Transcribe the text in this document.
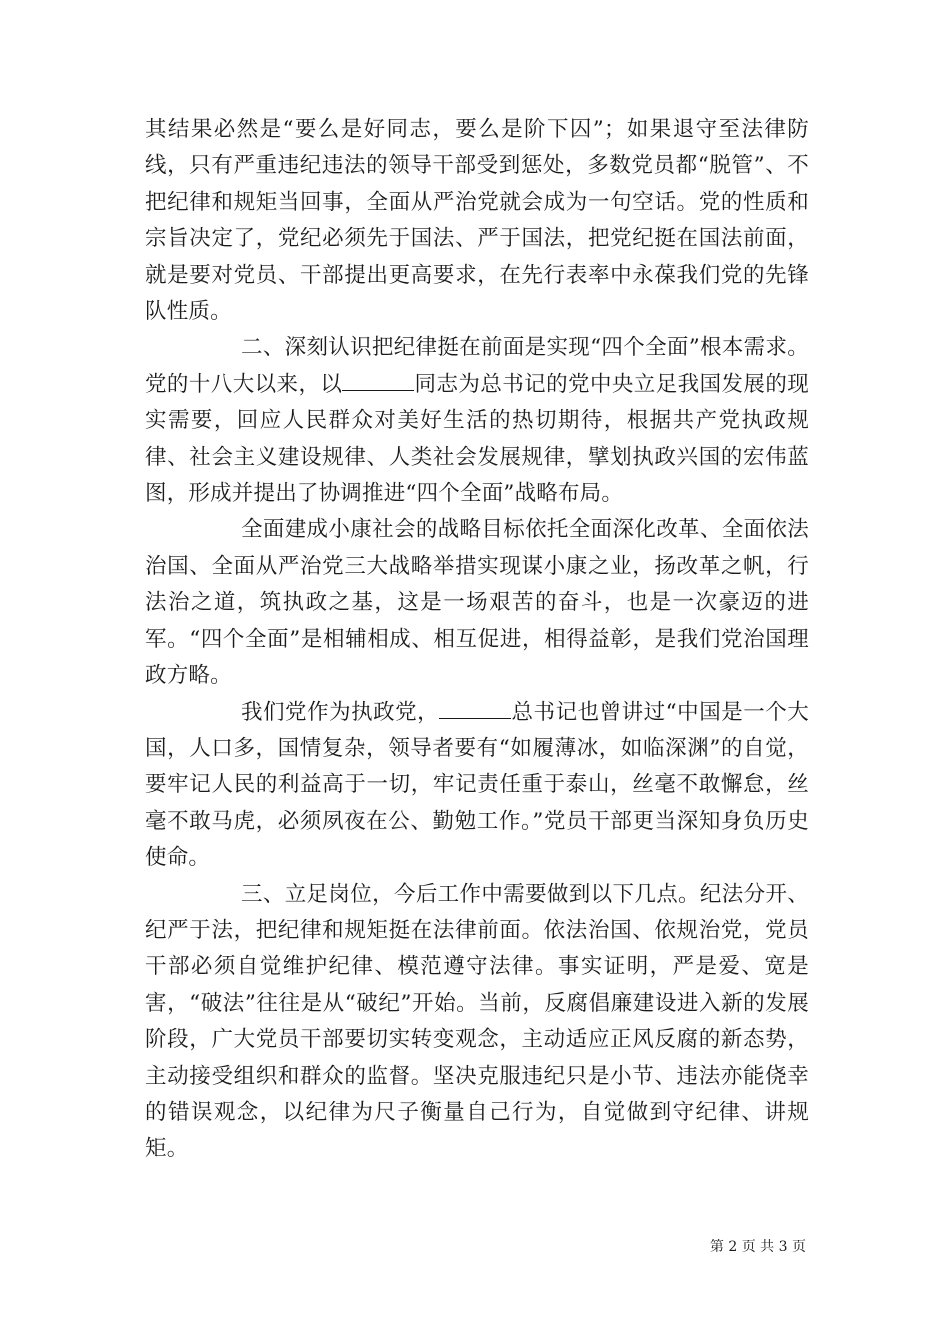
其结果必然是“要么是好同志，要么是阶下囚”；如果退守至法律防线，只有严重违纪违法的领导干部受到惩处，多数党员都“脱管”、不把纪律和规矩当回事，全面从严治党就会成为一句空话。党的性质和宗旨决定了，党纪必须先于国法、严于国法，把党纪挺在国法前面，就是要对党员、干部提出更高要求，在先行表率中永葆我们党的先锋队性质。

二、深刻认识把纪律挺在前面是实现“四个全面”根本需求。党的十八大以来，以	同志为总书记的党中央立足我国发展的现实需要，回应人民群众对美好生活的热切期待，根据共产党执政规律、社会主义建设规律、人类社会发展规律，擘划执政兴国的宏伟蓝图，形成并提出了协调推进“四个全面”战略布局。

全面建成小康社会的战略目标依托全面深化改革、全面依法治国、全面从严治党三大战略举措实现谋小康之业，扬改革之帆，行法治之道，筑执政之基，这是一场艰苦的奋斗，也是一次豪迈的进军。“四个全面”是相辅相成、相互促进，相得益彰，是我们党治国理政方略。

我们党作为执政党，	总书记也曾讲过“中国是一个大国，人口多，国情复杂，领导者要有“如履薄冰，如临深渊”的自觉，要牢记人民的利益高于一切，牢记责任重于泰山，丝毫不敢懈怠，丝毫不敢马虎，必须夙夜在公、勤勉工作。”党员干部更当深知身负历史使命。

三、立足岗位，今后工作中需要做到以下几点。纪法分开、纪严于法，把纪律和规矩挺在法律前面。依法治国、依规治党，党员干部必须自觉维护纪律、模范遵守法律。事实证明，严是爱、宽是害，“破法”往往是从“破纪”开始。当前，反腐倡廉建设进入新的发展阶段，广大党员干部要切实转变观念，主动适应正风反腐的新态势，主动接受组织和群众的监督。坚决克服违纪只是小节、违法亦能侥幸的错误观念，以纪律为尺子衡量自己行为，自觉做到守纪律、讲规矩。

第 2 页 共 3 页
